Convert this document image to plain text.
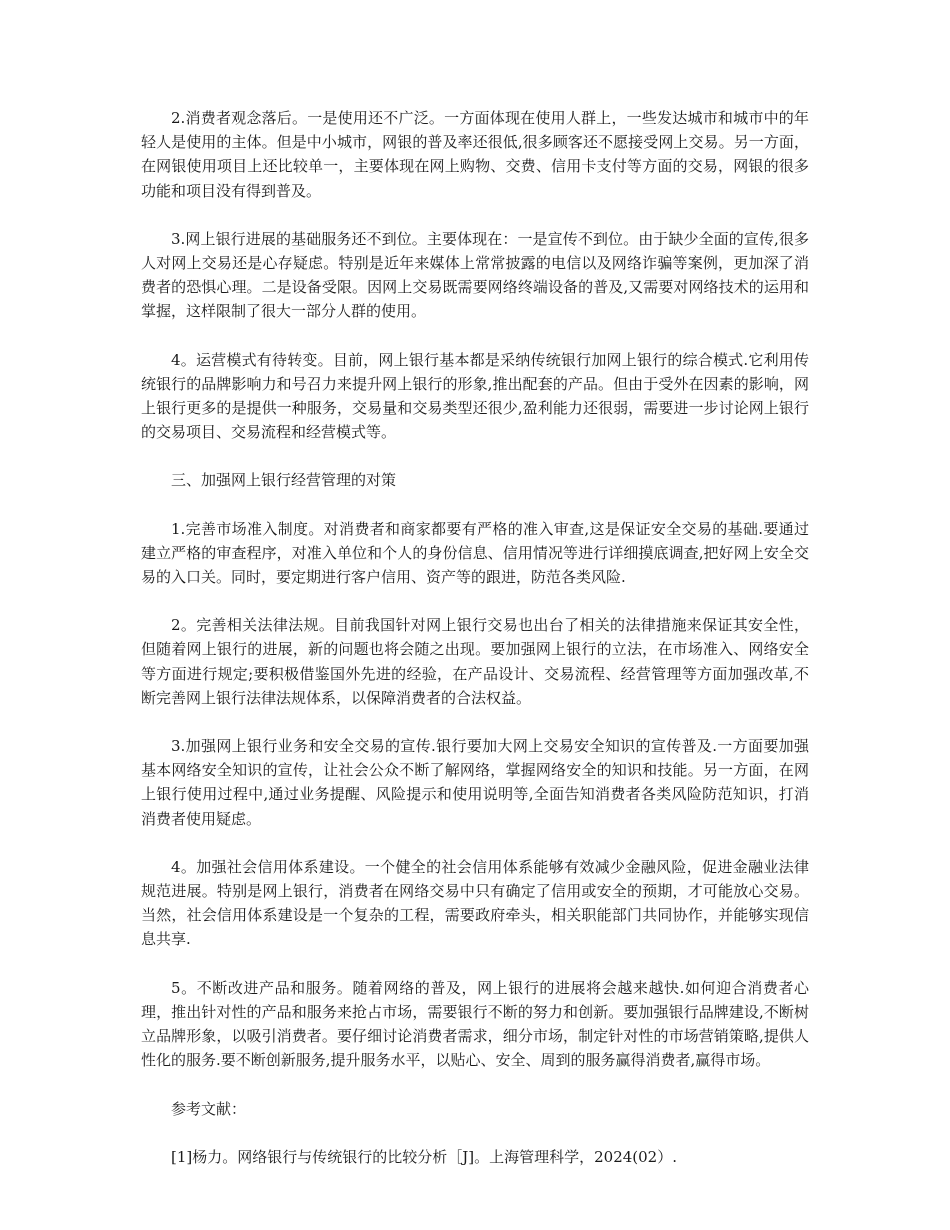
2.消费者观念落后。一是使用还不广泛。一方面体现在使用人群上，一些发达城市和城市中的年轻人是使用的主体。但是中小城市，网银的普及率还很低,很多顾客还不愿接受网上交易。另一方面，在网银使用项目上还比较单一，主要体现在网上购物、交费、信用卡支付等方面的交易，网银的很多功能和项目没有得到普及。

3.网上银行进展的基础服务还不到位。主要体现在：一是宣传不到位。由于缺少全面的宣传,很多人对网上交易还是心存疑虑。特别是近年来媒体上常常披露的电信以及网络诈骗等案例，更加深了消费者的恐惧心理。二是设备受限。因网上交易既需要网络终端设备的普及,又需要对网络技术的运用和掌握，这样限制了很大一部分人群的使用。

4。运营模式有待转变。目前，网上银行基本都是采纳传统银行加网上银行的综合模式.它利用传统银行的品牌影响力和号召力来提升网上银行的形象,推出配套的产品。但由于受外在因素的影响，网上银行更多的是提供一种服务，交易量和交易类型还很少,盈利能力还很弱，需要进一步讨论网上银行的交易项目、交易流程和经营模式等。

三、加强网上银行经营管理的对策

1.完善市场准入制度。对消费者和商家都要有严格的准入审查,这是保证安全交易的基础.要通过建立严格的审查程序，对准入单位和个人的身份信息、信用情况等进行详细摸底调查,把好网上安全交易的入口关。同时，要定期进行客户信用、资产等的跟进，防范各类风险.

2。完善相关法律法规。目前我国针对网上银行交易也出台了相关的法律措施来保证其安全性，但随着网上银行的进展，新的问题也将会随之出现。要加强网上银行的立法，在市场准入、网络安全等方面进行规定;要积极借鉴国外先进的经验，在产品设计、交易流程、经营管理等方面加强改革,不断完善网上银行法律法规体系，以保障消费者的合法权益。

3.加强网上银行业务和安全交易的宣传.银行要加大网上交易安全知识的宣传普及.一方面要加强基本网络安全知识的宣传，让社会公众不断了解网络，掌握网络安全的知识和技能。另一方面，在网上银行使用过程中,通过业务提醒、风险提示和使用说明等,全面告知消费者各类风险防范知识，打消消费者使用疑虑。

4。加强社会信用体系建设。一个健全的社会信用体系能够有效减少金融风险，促进金融业法律规范进展。特别是网上银行，消费者在网络交易中只有确定了信用或安全的预期，才可能放心交易。当然，社会信用体系建设是一个复杂的工程，需要政府牵头，相关职能部门共同协作，并能够实现信息共享.

5。不断改进产品和服务。随着网络的普及，网上银行的进展将会越来越快.如何迎合消费者心理，推出针对性的产品和服务来抢占市场，需要银行不断的努力和创新。要加强银行品牌建设,不断树立品牌形象，以吸引消费者。要仔细讨论消费者需求，细分市场，制定针对性的市场营销策略,提供人性化的服务.要不断创新服务,提升服务水平，以贴心、安全、周到的服务赢得消费者,赢得市场。

参考文献：

[1]杨力。网络银行与传统银行的比较分析［J]。上海管理科学，2024(02）.
